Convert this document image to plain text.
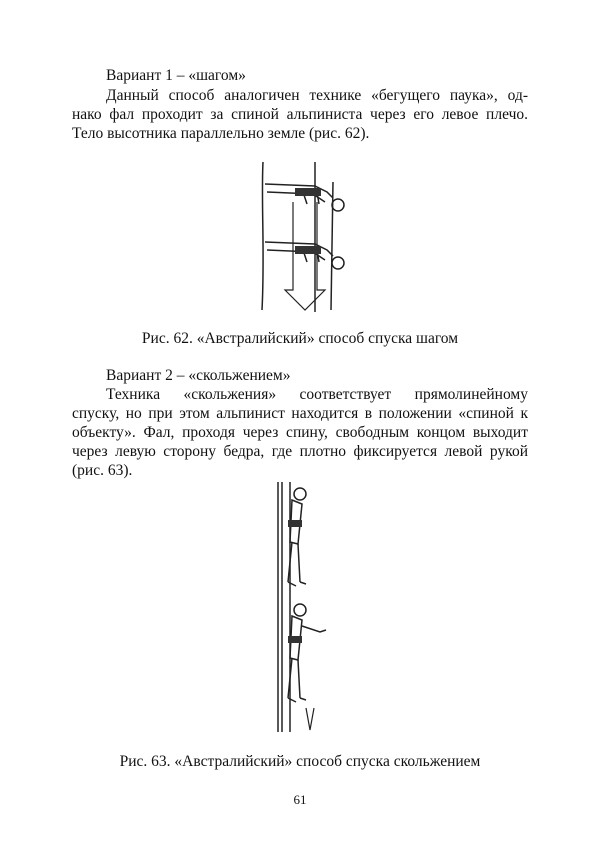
Вариант 1 – «шагом»
Данный способ аналогичен технике «бегущего паука», од-
нако фал проходит за спиной альпиниста через его левое плечо.
Тело высотника параллельно земле (рис. 62).
Рис. 62. «Австралийский» способ спуска шагом
Вариант 2 – «скольжением»
Техника «скольжения» соответствует прямолинейному
спуску, но при этом альпинист находится в положении «спиной к
объекту». Фал, проходя через спину, свободным концом выходит
через левую сторону бедра, где плотно фиксируется левой рукой
(рис. 63).
Рис. 63. «Австралийский» способ спуска скольжением
61
